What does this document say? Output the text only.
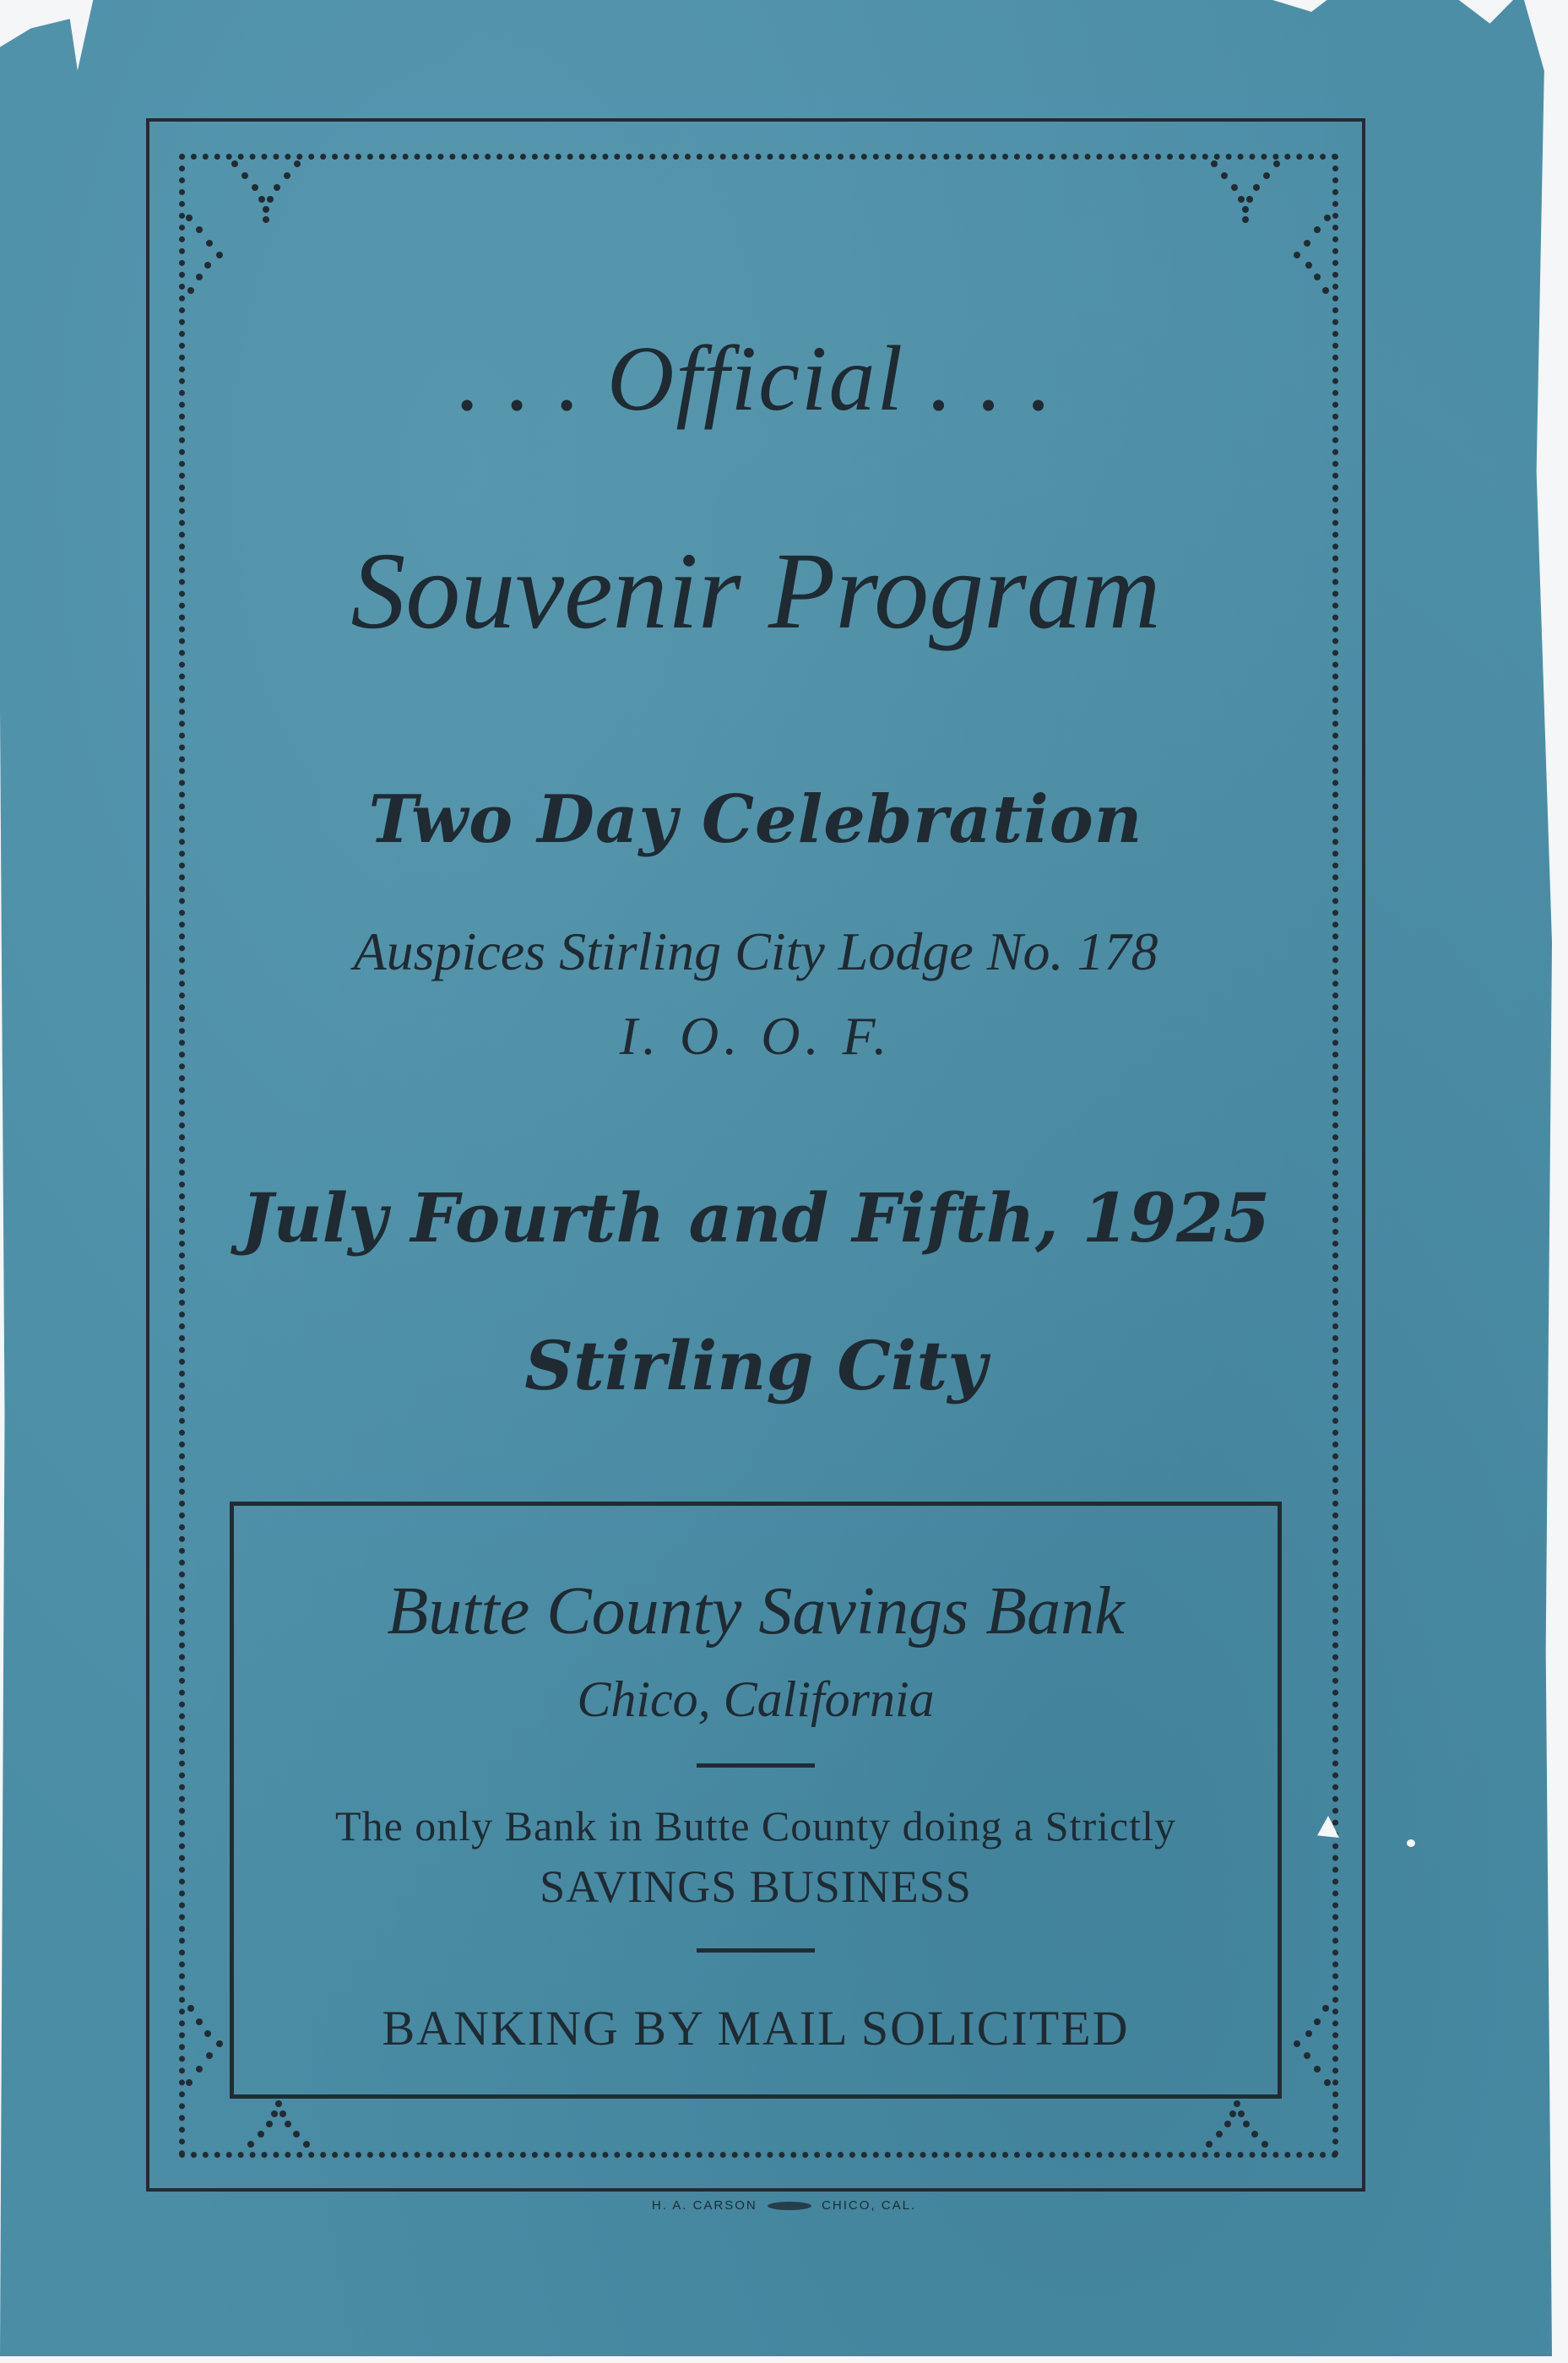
. . . Official . . .
Souvenir Program
Two Day Celebration
Auspices Stirling City Lodge No. 178
I. O. O. F.
July Fourth and Fifth, 1925
Stirling City
Butte County Savings Bank
Chico, California
The only Bank in Butte County doing a Strictly
SAVINGS BUSINESS
BANKING BY MAIL SOLICITED
H. A. CARSON	CHICO, CAL.
